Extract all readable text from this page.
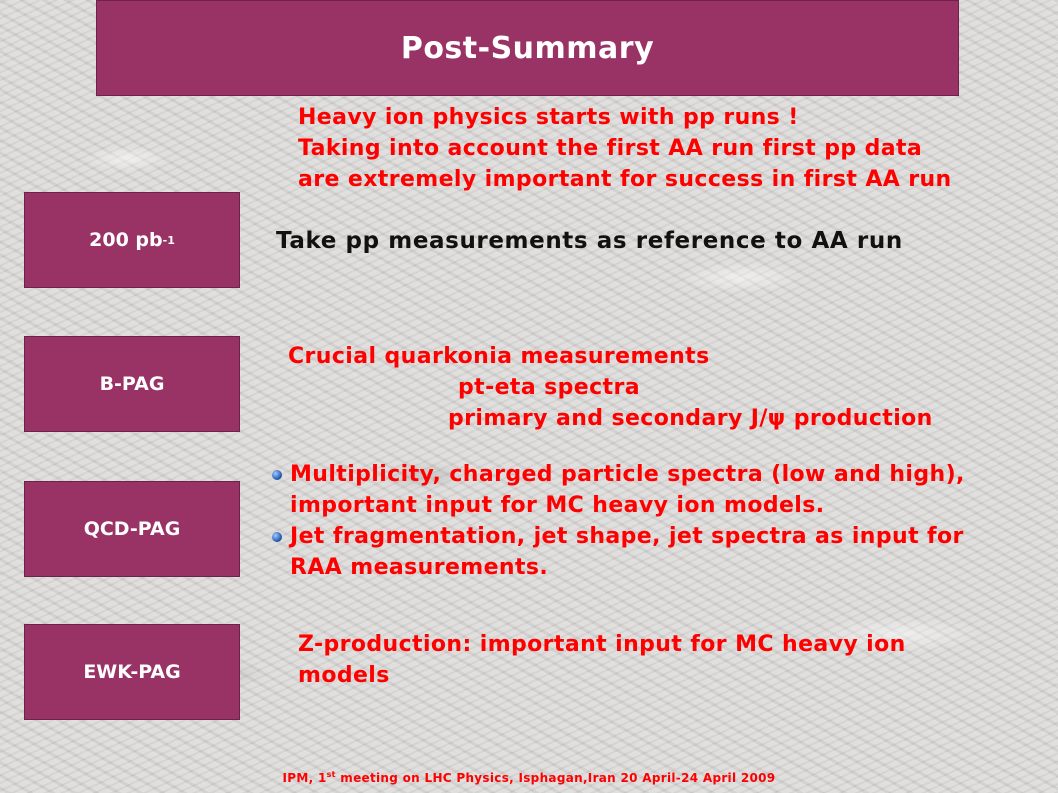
Post-Summary
Heavy ion physics starts with pp runs !
Taking into account the first AA run first pp data
are extremely important for success in first AA run
200 pb -1	Take pp measurements as reference to AA run

B-PAG
Crucial quarkonia measurements
pt-eta spectra
primary and secondary J/ψ production
QCD-PAG
Multiplicity, charged particle spectra (low and high), important input for MC heavy ion models.
Jet fragmentation, jet shape, jet spectra as input for RAA measurements.
EWK-PAG
Z-production: important input for MC heavy ion
models
IPM, 1st meeting on LHC Physics, Isphagan,Iran 20 April-24 April 2009
